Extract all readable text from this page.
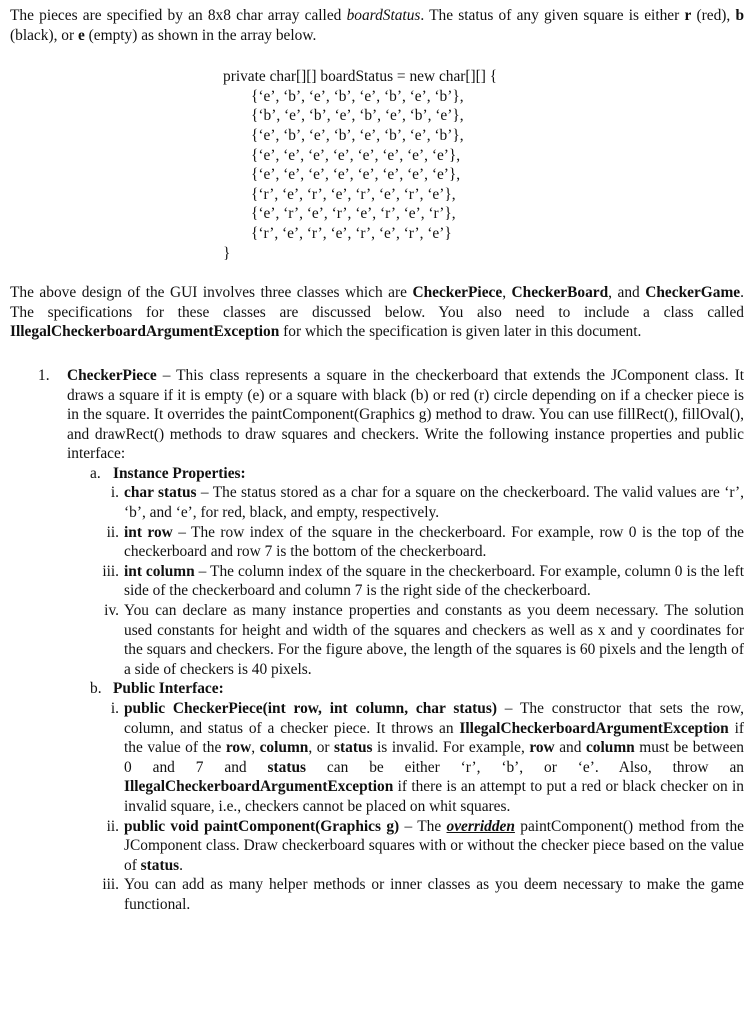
The pieces are specified by an 8x8 char array called boardStatus. The status of any given square is either r (red), b (black), or e (empty) as shown in the array below.

private char[][] boardStatus = new char[][] {
{‘e’, ‘b’, ‘e’, ‘b’, ‘e’, ‘b’, ‘e’, ‘b’},
{‘b’, ‘e’, ‘b’, ‘e’, ‘b’, ‘e’, ‘b’, ‘e’},
{‘e’, ‘b’, ‘e’, ‘b’, ‘e’, ‘b’, ‘e’, ‘b’},
{‘e’, ‘e’, ‘e’, ‘e’, ‘e’, ‘e’, ‘e’, ‘e’},
{‘e’, ‘e’, ‘e’, ‘e’, ‘e’, ‘e’, ‘e’, ‘e’},
{‘r’, ‘e’, ‘r’, ‘e’, ‘r’, ‘e’, ‘r’, ‘e’},
{‘e’, ‘r’, ‘e’, ‘r’, ‘e’, ‘r’, ‘e’, ‘r’},
{‘r’, ‘e’, ‘r’, ‘e’, ‘r’, ‘e’, ‘r’, ‘e’}
}

The above design of the GUI involves three classes which are CheckerPiece, CheckerBoard, and CheckerGame. The specifications for these classes are discussed below. You also need to include a class called IllegalCheckerboardArgumentException for which the specification is given later in this document.

1. CheckerPiece – This class represents a square in the checkerboard that extends the JComponent class. It draws a square if it is empty (e) or a square with black (b) or red (r) circle depending on if a checker piece is in the square. It overrides the paintComponent(Graphics g) method to draw. You can use fillRect(), fillOval(), and drawRect() methods to draw squares and checkers. Write the following instance properties and public interface:

a. Instance Properties:
i. char status – The status stored as a char for a square on the checkerboard. The valid values are ‘r’, ‘b’, and ‘e’, for red, black, and empty, respectively.

ii. int row – The row index of the square in the checkerboard. For example, row 0 is the top of the checkerboard and row 7 is the bottom of the checkerboard.

iii. int column – The column index of the square in the checkerboard. For example, column 0 is the left side of the checkerboard and column 7 is the right side of the checkerboard.

iv. You can declare as many instance properties and constants as you deem necessary. The solution used constants for height and width of the squares and checkers as well as x and y coordinates for the squars and checkers. For the figure above, the length of the squares is 60 pixels and the length of a side of checkers is 40 pixels.

b. Public Interface:
i. public CheckerPiece(int row, int column, char status) – The constructor that sets the row, column, and status of a checker piece. It throws an IllegalCheckerboardArgumentException if the value of the row, column, or status is invalid. For example, row and column must be between 0 and 7 and status can be either ‘r’, ‘b’, or ‘e’. Also, throw an IllegalCheckerboardArgumentException if there is an attempt to put a red or black checker on in invalid square, i.e., checkers cannot be placed on whit squares.

ii. public void paintComponent(Graphics g) – The overridden paintComponent() method from the JComponent class. Draw checkerboard squares with or without the checker piece based on the value of status.

iii. You can add as many helper methods or inner classes as you deem necessary to make the game functional.
